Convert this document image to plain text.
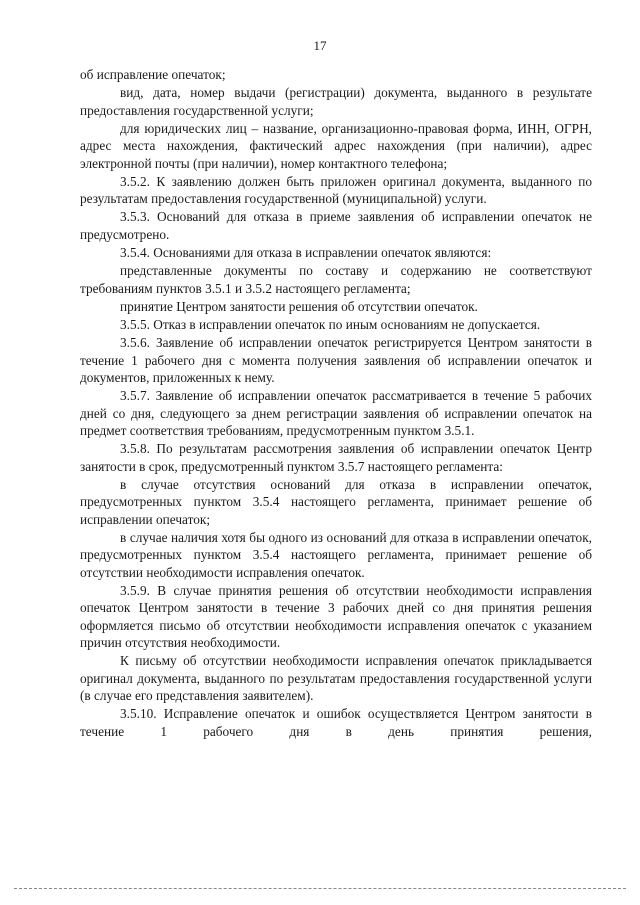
17

об исправление опечаток;

вид, дата, номер выдачи (регистрации) документа, выданного в результате предоставления государственной услуги;

для юридических лиц – название, организационно-правовая форма, ИНН, ОГРН, адрес места нахождения, фактический адрес нахождения (при наличии), адрес электронной почты (при наличии), номер контактного телефона;

3.5.2. К заявлению должен быть приложен оригинал документа, выданного по результатам предоставления государственной (муниципальной) услуги.

3.5.3. Оснований для отказа в приеме заявления об исправлении опечаток не предусмотрено.

3.5.4. Основаниями для отказа в исправлении опечаток являются:

представленные документы по составу и содержанию не соответствуют требованиям пунктов 3.5.1 и 3.5.2 настоящего регламента;

принятие Центром занятости решения об отсутствии опечаток.

3.5.5. Отказ в исправлении опечаток по иным основаниям не допускается.

3.5.6. Заявление об исправлении опечаток регистрируется Центром занятости в течение 1 рабочего дня с момента получения заявления об исправлении опечаток и документов, приложенных к нему.

3.5.7. Заявление об исправлении опечаток рассматривается в течение 5 рабочих дней со дня, следующего за днем регистрации заявления об исправлении опечаток на предмет соответствия требованиям, предусмотренным пунктом 3.5.1.

3.5.8. По результатам рассмотрения заявления об исправлении опечаток Центр занятости в срок, предусмотренный пунктом 3.5.7 настоящего регламента:

в случае отсутствия оснований для отказа в исправлении опечаток, предусмотренных пунктом 3.5.4 настоящего регламента, принимает решение об исправлении опечаток;

в случае наличия хотя бы одного из оснований для отказа в исправлении опечаток, предусмотренных пунктом 3.5.4 настоящего регламента, принимает решение об отсутствии необходимости исправления опечаток.

3.5.9. В случае принятия решения об отсутствии необходимости исправления опечаток Центром занятости в течение 3 рабочих дней со дня принятия решения оформляется письмо об отсутствии необходимости исправления опечаток с указанием причин отсутствия необходимости.

К письму об отсутствии необходимости исправления опечаток прикладывается оригинал документа, выданного по результатам предоставления государственной услуги (в случае его представления заявителем).

3.5.10. Исправление опечаток и ошибок осуществляется Центром занятости в течение 1 рабочего дня в день принятия решения,
